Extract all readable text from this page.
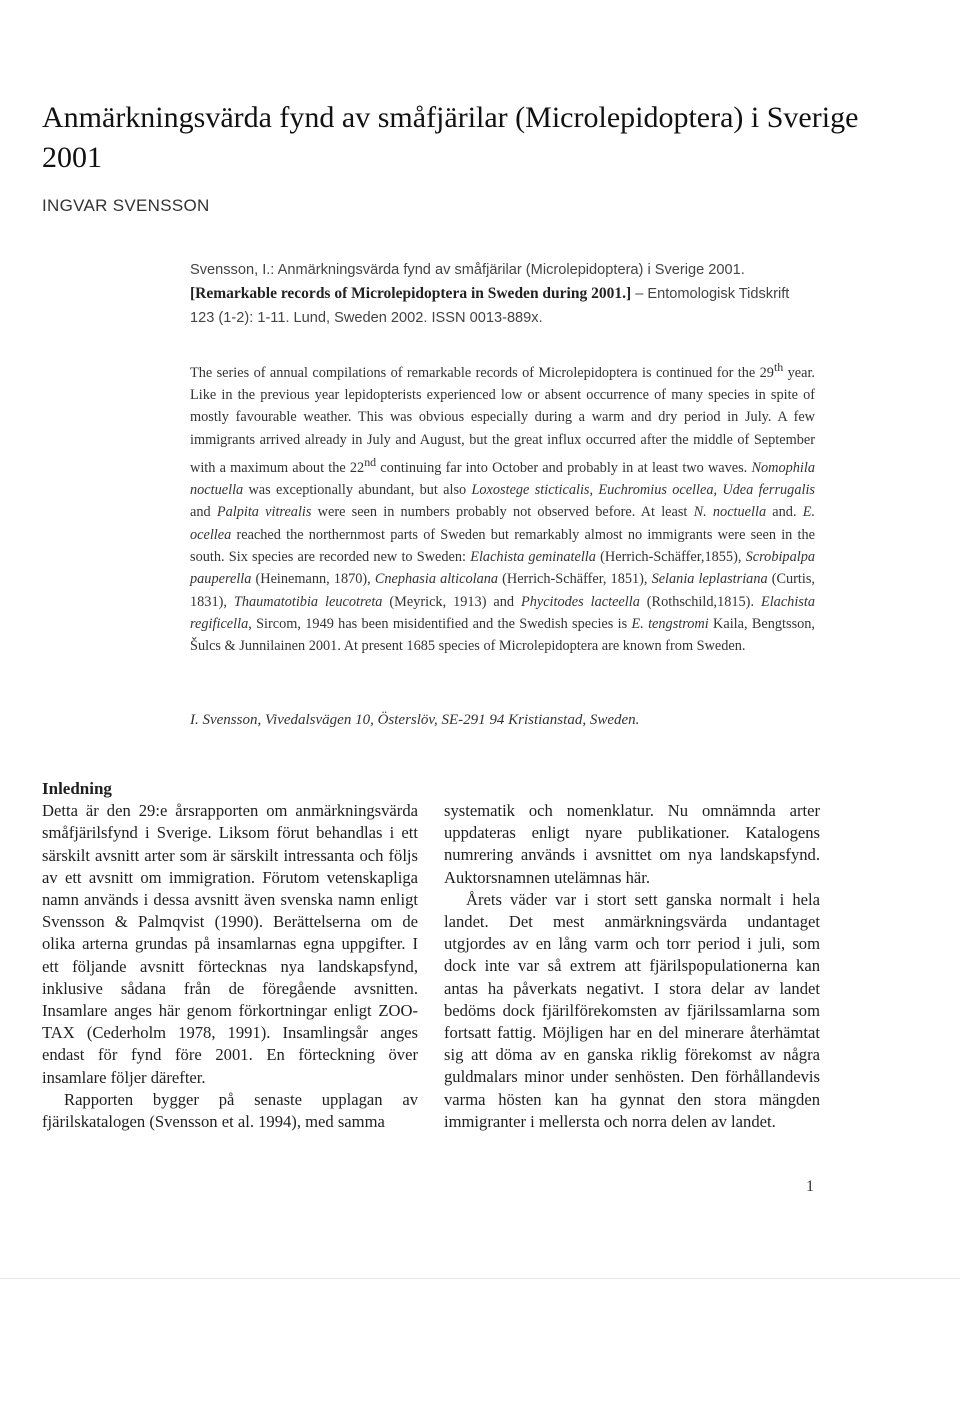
Anmärkningsvärda fynd av småfjärilar (Microlepidoptera) i Sverige 2001
INGVAR SVENSSON
Svensson, I.: Anmärkningsvärda fynd av småfjärilar (Microlepidoptera) i Sverige 2001. [Remarkable records of Microlepidoptera in Sweden during 2001.] – Entomologisk Tidskrift 123 (1-2): 1-11. Lund, Sweden 2002. ISSN 0013-889x.

The series of annual compilations of remarkable records of Microlepidoptera is continued for the 29th year. Like in the previous year lepidopterists experienced low or absent occurrence of many species in spite of mostly favourable weather. This was obvious especially during a warm and dry period in July. A few immigrants arrived already in July and August, but the great influx occurred after the middle of September with a maximum about the 22nd continuing far into October and probably in at least two waves. Nomophila noctuella was exceptionally abundant, but also Loxostege sticticalis, Euchromius ocellea, Udea ferrugalis and Palpita vitrealis were seen in numbers probably not observed before. At least N. noctuella and. E. ocellea reached the northernmost parts of Sweden but remarkably almost no immigrants were seen in the south. Six species are recorded new to Sweden: Elachista geminatella (Herrich-Schäffer,1855), Scrobipalpa pauperella (Heinemann, 1870), Cnephasia alticolana (Herrich-Schäffer, 1851), Selania leplastriana (Curtis, 1831), Thaumatotibia leucotreta (Meyrick, 1913) and Phycitodes lacteella (Rothschild,1815). Elachista regificella, Sircom, 1949 has been misidentified and the Swedish species is E. tengstromi Kaila, Bengtsson, Šulcs & Junnilainen 2001. At present 1685 species of Microlepidoptera are known from Sweden.

I. Svensson, Vivedalsvägen 10, Österslöv, SE-291 94 Kristianstad, Sweden.

Inledning

Detta är den 29:e årsrapporten om anmärkningsvärda småfjärilsfynd i Sverige. Liksom förut behandlas i ett särskilt avsnitt arter som är särskilt intressanta och följs av ett avsnitt om immigration. Förutom vetenskapliga namn används i dessa avsnitt även svenska namn enligt Svensson & Palmqvist (1990). Berättelserna om de olika arterna grundas på insamlarnas egna uppgifter. I ett följande avsnitt förtecknas nya landskapsfynd, inklusive sådana från de föregående avsnitten. Insamlare anges här genom förkortningar enligt ZOO-TAX (Cederholm 1978, 1991). Insamlingsår anges endast för fynd före 2001. En förteckning över insamlare följer därefter.

Rapporten bygger på senaste upplagan av fjärilskatalogen (Svensson et al. 1994), med samma

systematik och nomenklatur. Nu omnämnda arter uppdateras enligt nyare publikationer. Katalogens numrering används i avsnittet om nya landskapsfynd. Auktorsnamnen utelämnas här.

Årets väder var i stort sett ganska normalt i hela landet. Det mest anmärkningsvärda undantaget utgjordes av en lång varm och torr period i juli, som dock inte var så extrem att fjärilspopulationerna kan antas ha påverkats negativt. I stora delar av landet bedöms dock fjärilförekomsten av fjärilssamlarna som fortsatt fattig. Möjligen har en del minerare återhämtat sig att döma av en ganska riklig förekomst av några guldmalars minor under senhösten. Den förhållandevis varma hösten kan ha gynnat den stora mängden immigranter i mellersta och norra delen av landet.

1
